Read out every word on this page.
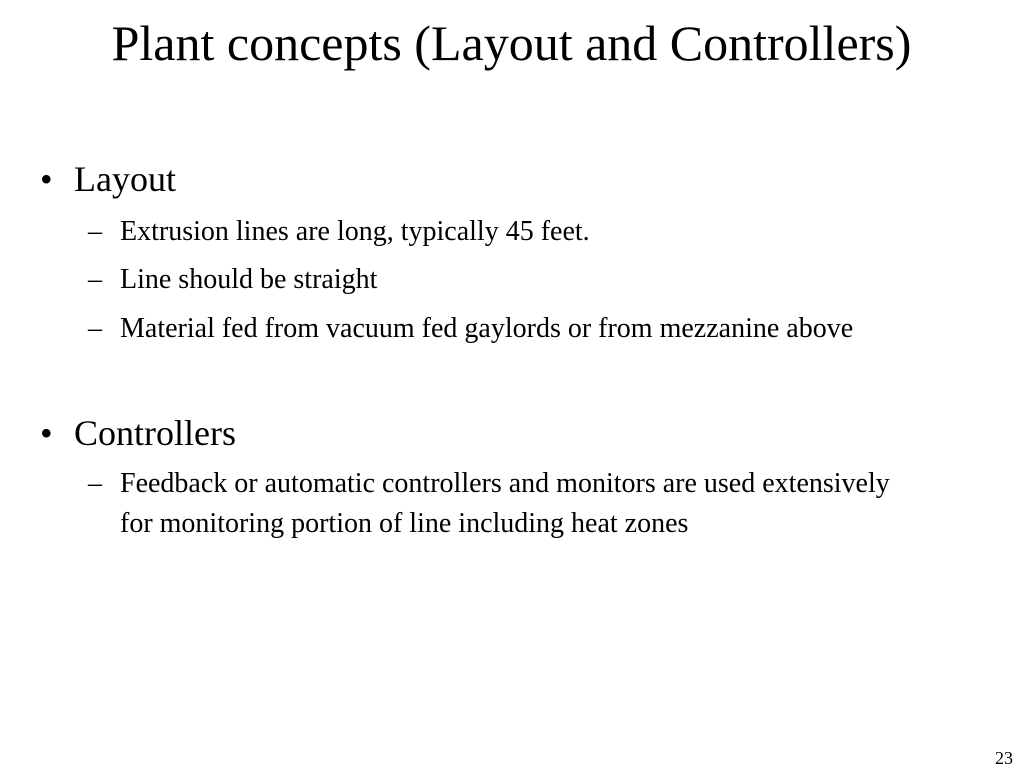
Plant concepts (Layout and Controllers)
• Layout
– Extrusion lines are long, typically 45 feet.
– Line should be straight
– Material fed from vacuum fed gaylords or from mezzanine above
• Controllers
– Feedback or automatic controllers and monitors are used extensively for monitoring portion of line including heat zones
23
